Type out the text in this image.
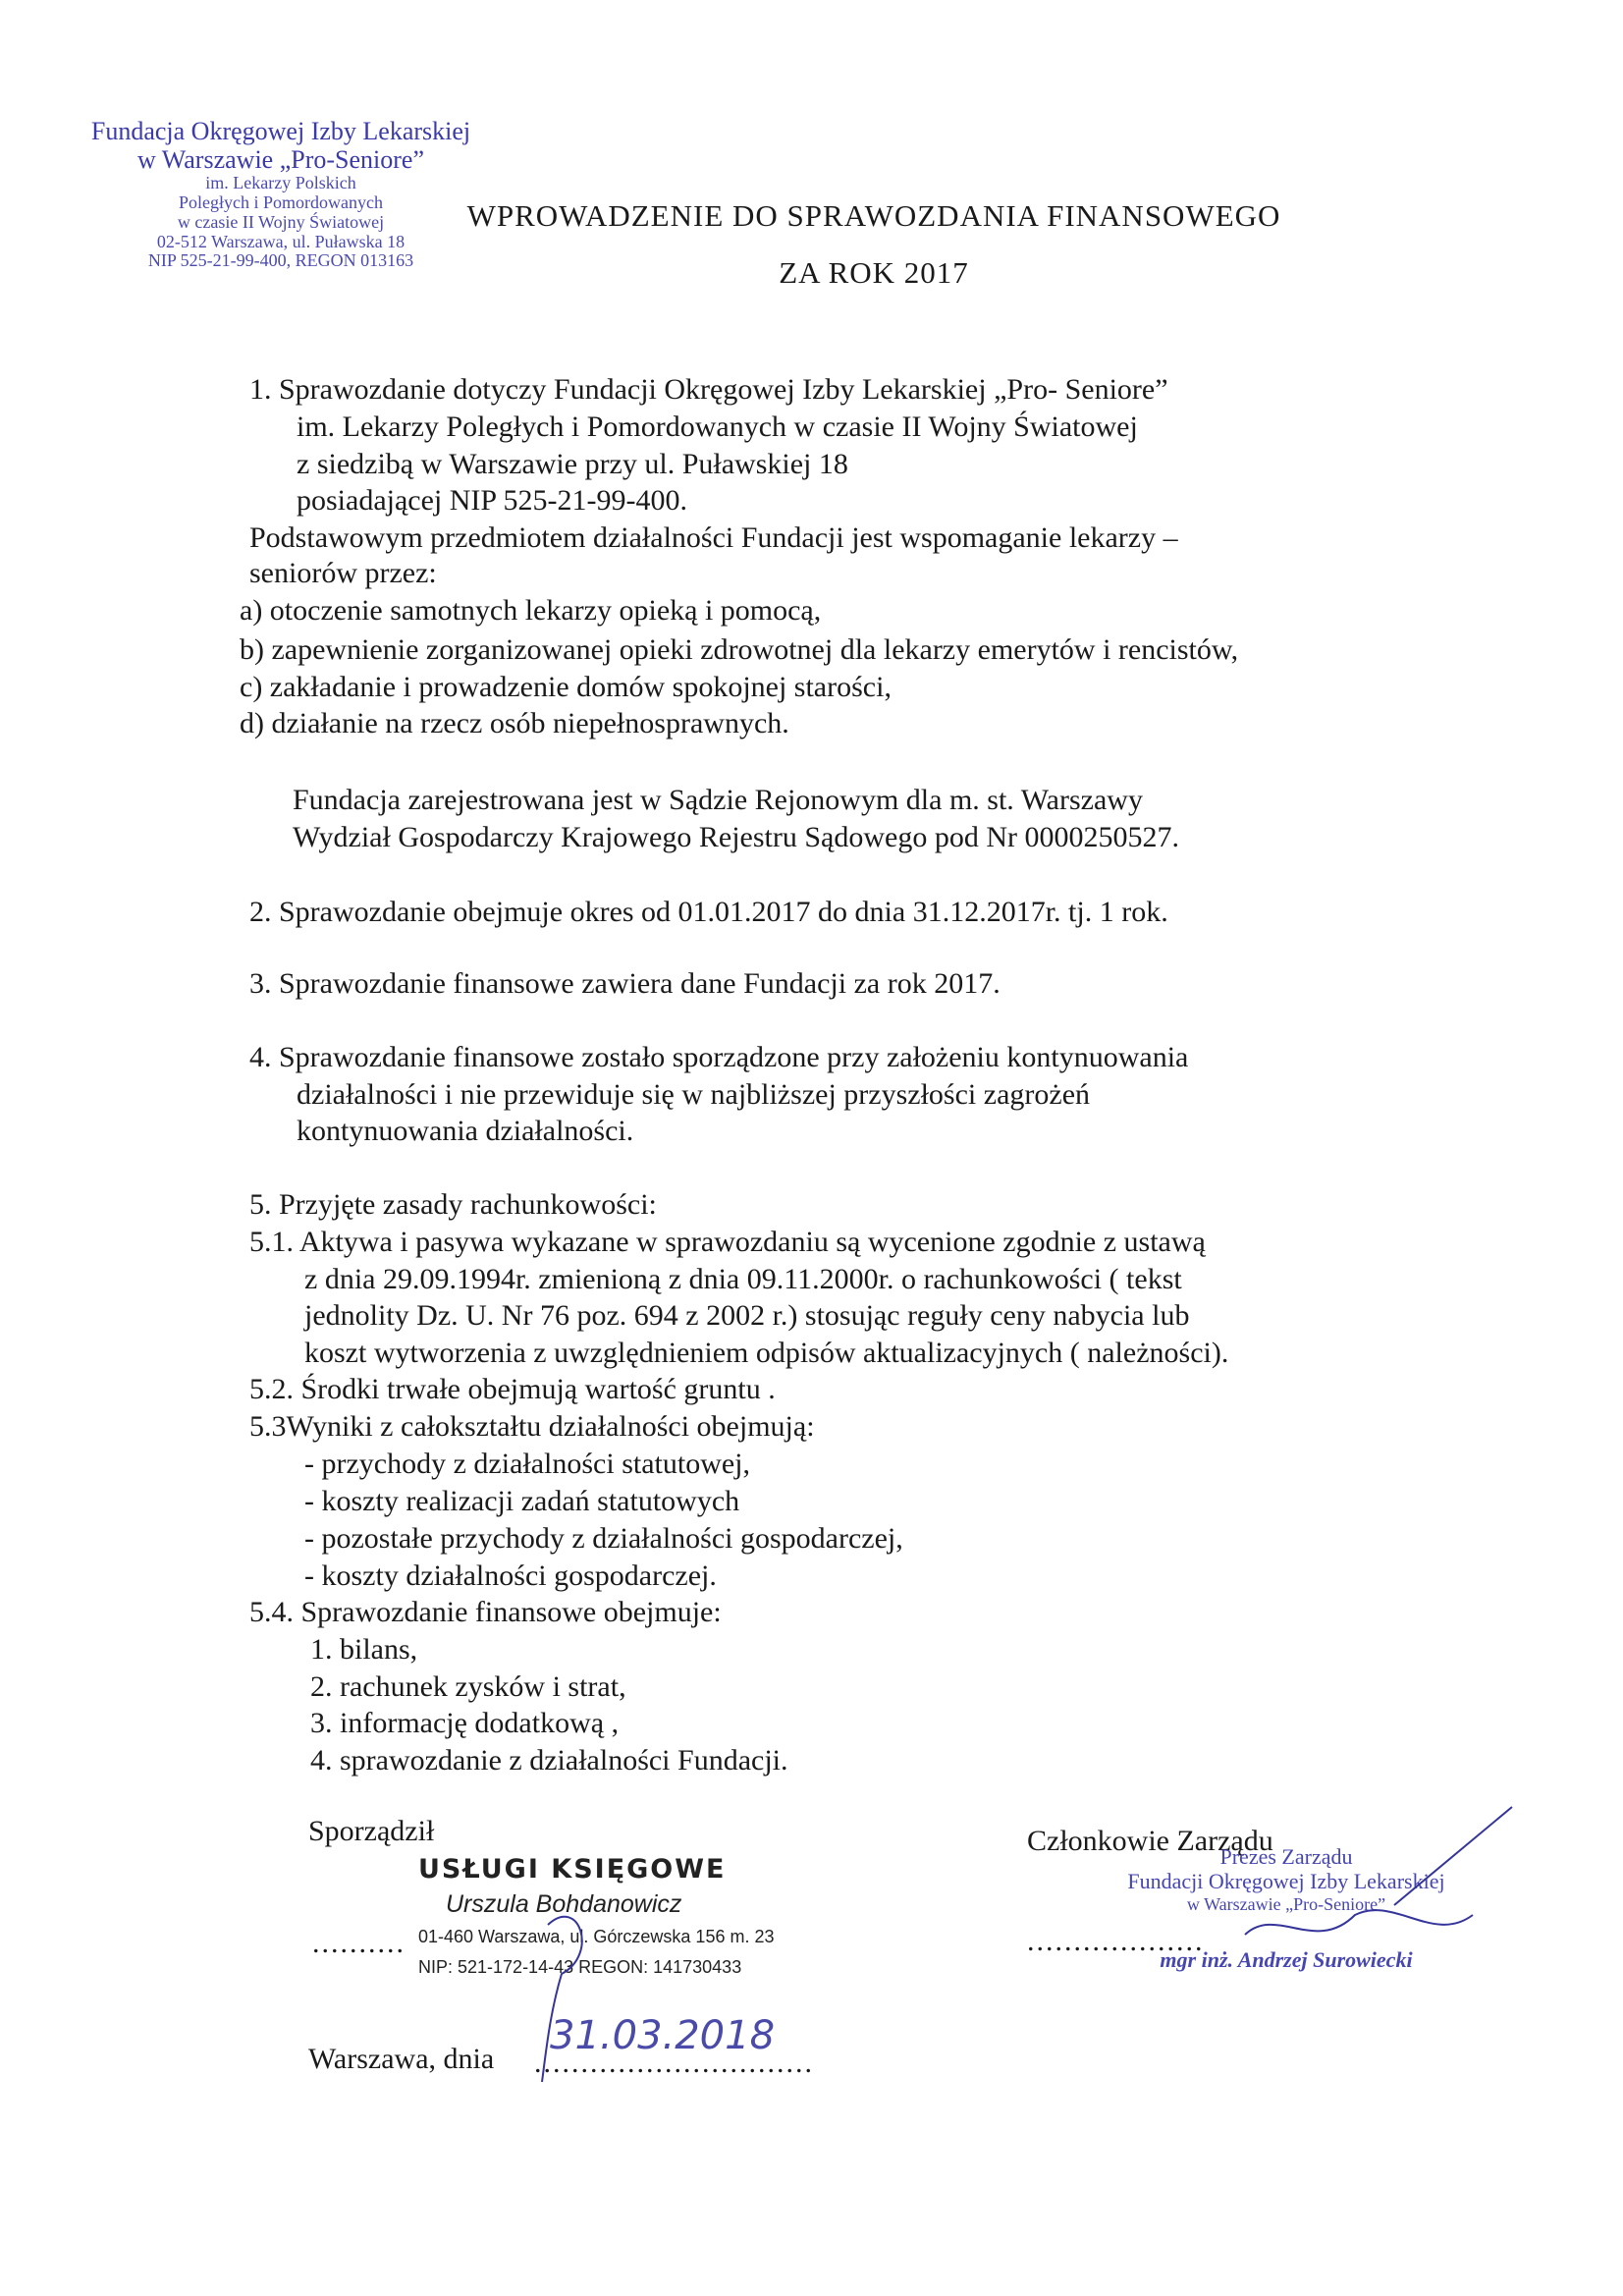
Fundacja Okręgowej Izby Lekarskiej
w Warszawie „Pro-Seniore”
im. Lekarzy Polskich
Poległych i Pomordowanych
w czasie II Wojny Światowej
02-512 Warszawa, ul. Puławska 18
NIP 525-21-99-400, REGON 013163
WPROWADZENIE DO SPRAWOZDANIA FINANSOWEGO
ZA ROK 2017
1. Sprawozdanie dotyczy Fundacji Okręgowej Izby Lekarskiej „Pro- Seniore”
im. Lekarzy Poległych i Pomordowanych w czasie II Wojny Światowej
z siedzibą w Warszawie przy ul. Puławskiej 18
posiadającej NIP 525-21-99-400.
Podstawowym przedmiotem działalności Fundacji jest wspomaganie lekarzy –
seniorów przez:
a) otoczenie samotnych lekarzy opieką i pomocą,
b) zapewnienie zorganizowanej opieki zdrowotnej dla lekarzy emerytów i rencistów,
c) zakładanie i prowadzenie domów spokojnej starości,
d) działanie na rzecz osób niepełnosprawnych.
Fundacja zarejestrowana jest w Sądzie Rejonowym dla m. st. Warszawy
Wydział Gospodarczy Krajowego Rejestru Sądowego pod Nr 0000250527.
2. Sprawozdanie obejmuje okres od 01.01.2017 do dnia 31.12.2017r. tj. 1 rok.
3. Sprawozdanie finansowe zawiera dane Fundacji za rok 2017.
4. Sprawozdanie finansowe zostało sporządzone przy założeniu kontynuowania
działalności i nie przewiduje się w najbliższej przyszłości zagrożeń
kontynuowania działalności.
5. Przyjęte zasady rachunkowości:
5.1. Aktywa i pasywa wykazane w sprawozdaniu są wycenione zgodnie z ustawą
z dnia 29.09.1994r. zmienioną z dnia 09.11.2000r. o rachunkowości ( tekst
jednolity Dz. U. Nr 76 poz. 694 z 2002 r.) stosując reguły ceny nabycia lub
koszt wytworzenia z uwzględnieniem odpisów aktualizacyjnych ( należności).
5.2. Środki trwałe obejmują wartość gruntu .
5.3Wyniki z całokształtu działalności obejmują:
- przychody z działalności statutowej,
- koszty realizacji zadań statutowych
- pozostałe przychody z działalności gospodarczej,
- koszty działalności gospodarczej.
5.4. Sprawozdanie finansowe obejmuje:
1. bilans,
2. rachunek zysków i strat,
3. informację dodatkową ,
4. sprawozdanie z działalności Fundacji.
Sporządził	Członkowie Zarządu
USŁUGI KSIĘGOWE
Urszula Bohdanowicz
01-460 Warszawa, ul. Górczewska 156 m. 23
NIP: 521-172-14-43 REGON: 141730433
..........
Prezes Zarządu
Fundacji Okręgowej Izby Lekarskiej
w Warszawie „Pro-Seniore”
mgr inż. Andrzej Surowiecki
...................
Warszawa, dnia ..............................
31.03.2018
